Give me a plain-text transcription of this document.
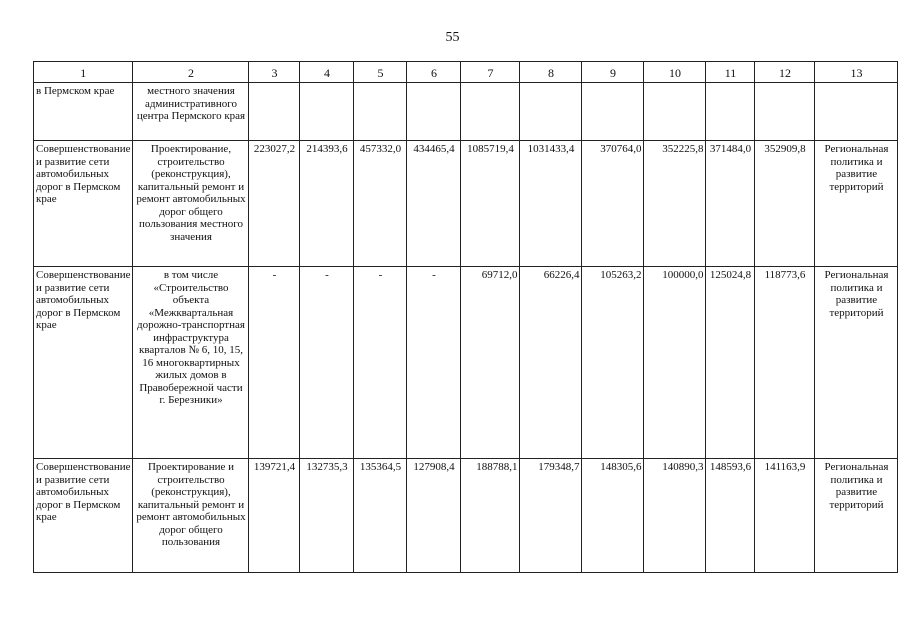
55
1	2	3	4	5	6	7	8	9	10	11	12	13
в Пермском крае	местного значения административного центра Пермского края											
Совершенствование и развитие сети автомобильных дорог в Пермском крае	Проектирование, строительство (реконструкция), капитальный ремонт и ремонт автомобильных дорог общего пользования местного значения	223027,2	214393,6	457332,0	434465,4	1085719,4	1031433,4	370764,0	352225,8	371484,0	352909,8	Региональная политика и развитие территорий
Совершенствование и развитие сети автомобильных дорог в Пермском крае	в том числе «Строительство объекта «Межквартальная дорожно-транспортная инфраструктура кварталов № 6, 10, 15, 16 многоквартирных жилых домов в Правобережной части г. Березники»	-	-	-	-	69712,0	66226,4	105263,2	100000,0	125024,8	118773,6	Региональная политика и развитие территорий
Совершенствование и развитие сети автомобильных дорог в Пермском крае	Проектирование и строительство (реконструкция), капитальный ремонт и ремонт автомобильных дорог общего пользования	139721,4	132735,3	135364,5	127908,4	188788,1	179348,7	148305,6	140890,3	148593,6	141163,9	Региональная политика и развитие территорий
